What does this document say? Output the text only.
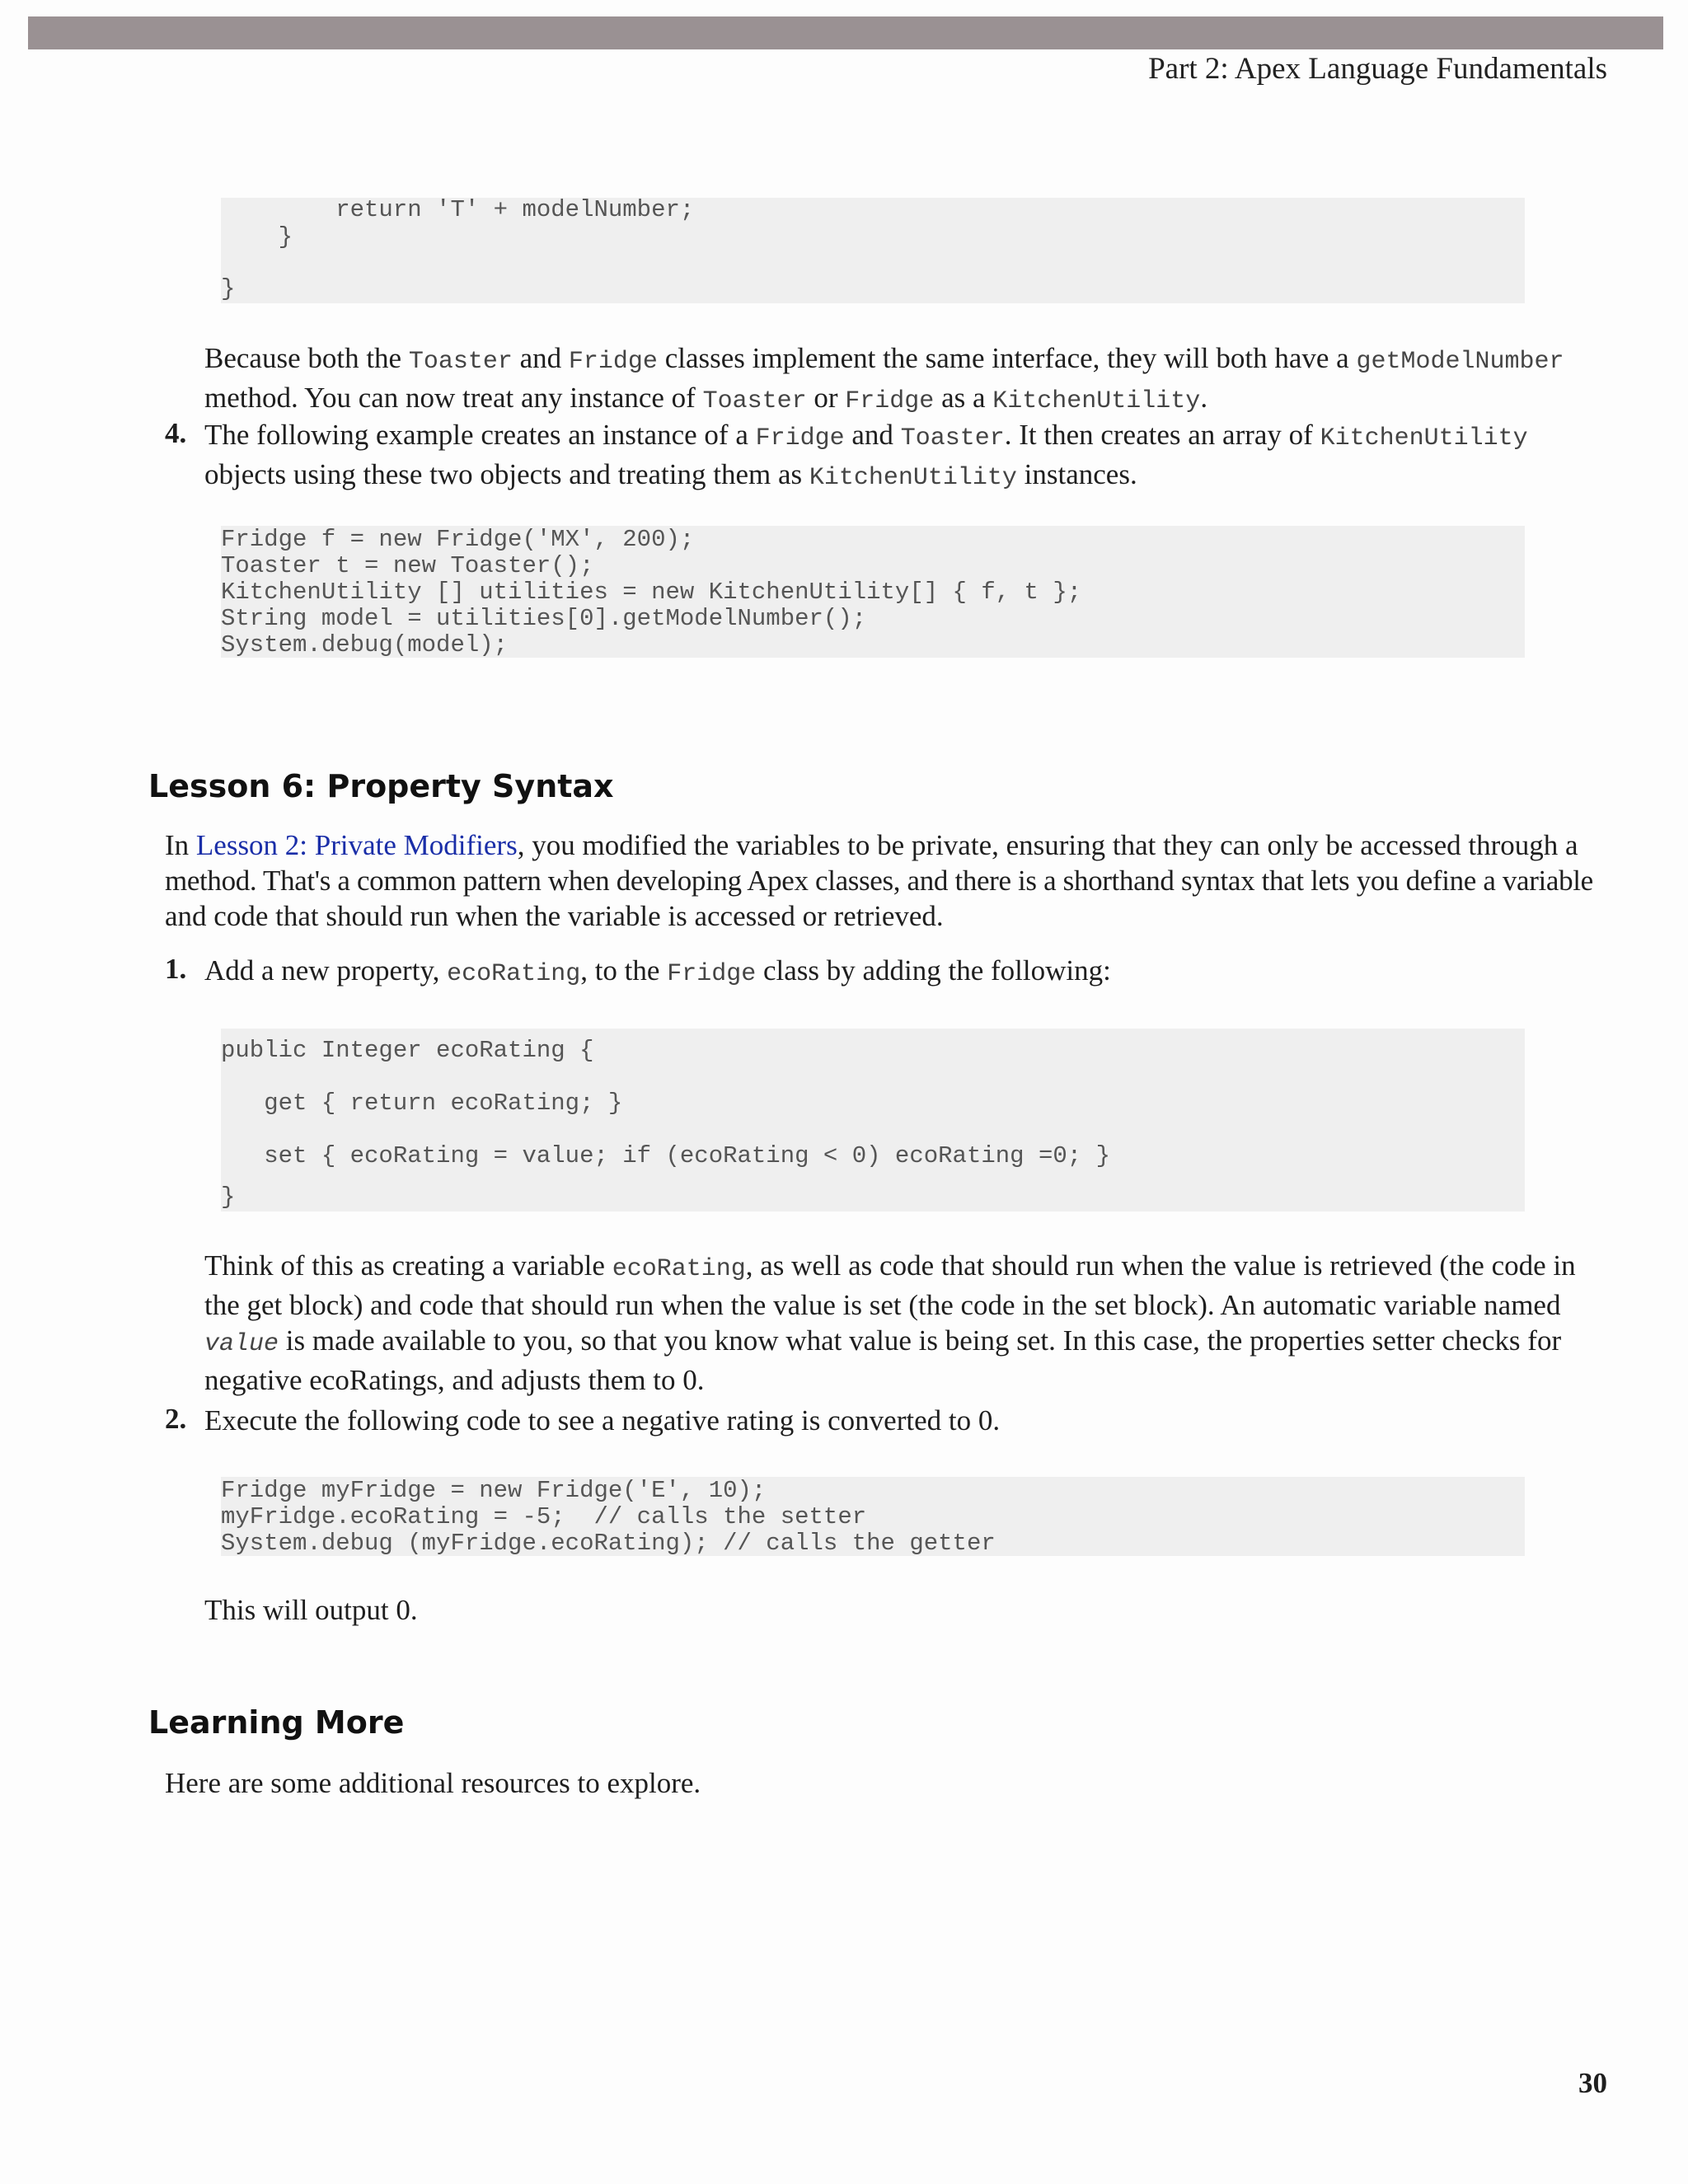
Part 2: Apex Language Fundamentals
return 'T' + modelNumber;
}
}
Because both the Toaster and Fridge classes implement the same interface, they will both have a getModelNumber
method. You can now treat any instance of Toaster or Fridge as a KitchenUtility.
4. The following example creates an instance of a Fridge and Toaster. It then creates an array of KitchenUtility
objects using these two objects and treating them as KitchenUtility instances.
Fridge f = new Fridge('MX', 200);
Toaster t = new Toaster();
KitchenUtility [] utilities = new KitchenUtility[] { f, t };
String model = utilities[0].getModelNumber();
System.debug(model);
Lesson 6: Property Syntax
In Lesson 2: Private Modifiers, you modified the variables to be private, ensuring that they can only be accessed through a
method. That's a common pattern when developing Apex classes, and there is a shorthand syntax that lets you define a variable
and code that should run when the variable is accessed or retrieved.
1. Add a new property, ecoRating, to the Fridge class by adding the following:
public Integer ecoRating {
get { return ecoRating; }
set { ecoRating = value; if (ecoRating < 0) ecoRating =0; }
}
Think of this as creating a variable ecoRating, as well as code that should run when the value is retrieved (the code in
the get block) and code that should run when the value is set (the code in the set block). An automatic variable named
value is made available to you, so that you know what value is being set. In this case, the properties setter checks for
negative ecoRatings, and adjusts them to 0.
2. Execute the following code to see a negative rating is converted to 0.
Fridge myFridge = new Fridge('E', 10);
myFridge.ecoRating = -5;  // calls the setter
System.debug (myFridge.ecoRating); // calls the getter
This will output 0.
Learning More
Here are some additional resources to explore.
30
